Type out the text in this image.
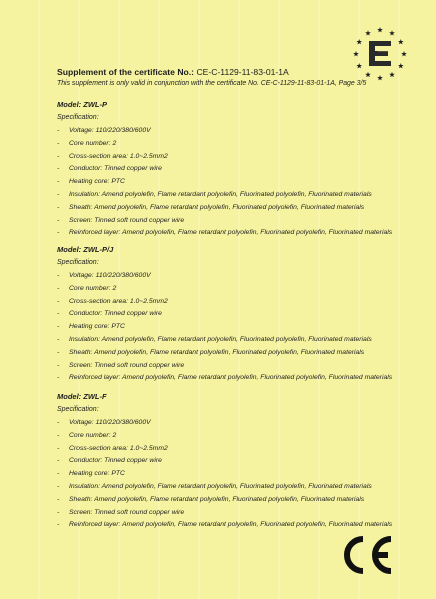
Supplement of the certificate No.: CE-C-1129-11-83-01-1A
This supplement is only valid in conjunction with the certificate No. CE-C-1129-11-83-01-1A, Page 3/5
Model: ZWL-P
Specification:
- Voltage: 110/220/380/600V
- Core number: 2
- Cross-section area: 1.0~2.5mm2
- Conductor: Tinned copper wire
- Heating core: PTC
- Insulation: Amend polyolefin, Flame retardant polyolefin, Fluorinated polyolefin, Fluorinated materials
- Sheath: Amend polyolefin, Flame retardant polyolefin, Fluorinated polyolefin, Fluorinated materials
- Screen: Tinned soft round copper wire
- Reinforced layer: Amend polyolefin, Flame retardant polyolefin, Fluorinated polyolefin, Fluorinated materials
Model: ZWL-P/J
Specification:
- Voltage: 110/220/380/600V
- Core number: 2
- Cross-section area: 1.0~2.5mm2
- Conductor: Tinned copper wire
- Heating core: PTC
- Insulation: Amend polyolefin, Flame retardant polyolefin, Fluorinated polyolefin, Fluorinated materials
- Sheath: Amend polyolefin, Flame retardant polyolefin, Fluorinated polyolefin, Fluorinated materials
- Screen: Tinned soft round copper wire
- Reinforced layer: Amend polyolefin, Flame retardant polyolefin, Fluorinated polyolefin, Fluorinated materials
Model: ZWL-F
Specification:
- Voltage: 110/220/380/600V
- Core number: 2
- Cross-section area: 1.0~2.5mm2
- Conductor: Tinned copper wire
- Heating core: PTC
- Insulation: Amend polyolefin, Flame retardant polyolefin, Fluorinated polyolefin, Fluorinated materials
- Sheath: Amend polyolefin, Flame retardant polyolefin, Fluorinated polyolefin, Fluorinated materials
- Screen: Tinned soft round copper wire
- Reinforced layer: Amend polyolefin, Flame retardant polyolefin, Fluorinated polyolefin, Fluorinated materials
